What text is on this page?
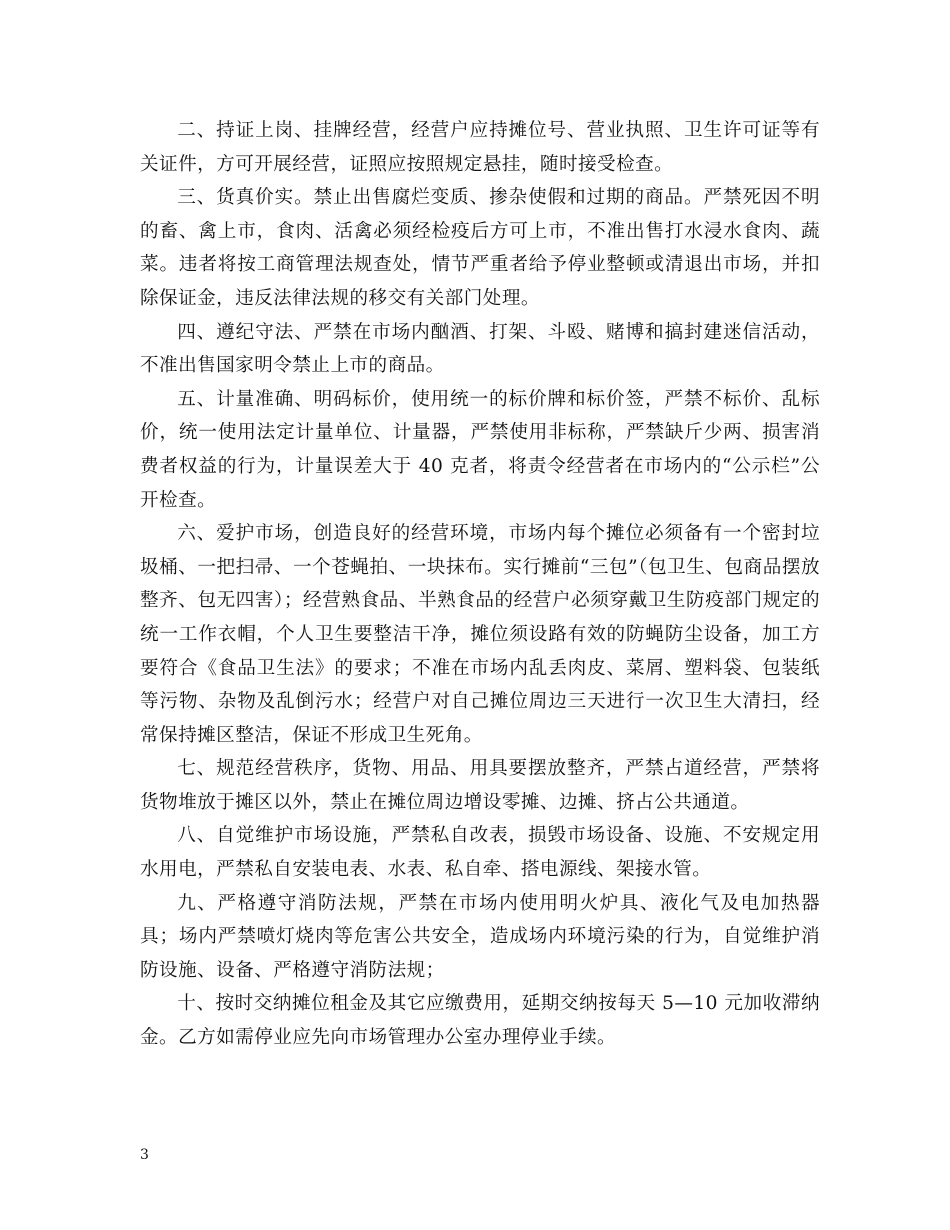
二、持证上岗、挂牌经营，经营户应持摊位号、营业执照、卫生许可证等有关证件，方可开展经营，证照应按照规定悬挂，随时接受检查。

三、货真价实。禁止出售腐烂变质、掺杂使假和过期的商品。严禁死因不明的畜、禽上市，食肉、活禽必须经检疫后方可上市，不准出售打水浸水食肉、蔬菜。违者将按工商管理法规查处，情节严重者给予停业整顿或清退出市场，并扣除保证金，违反法律法规的移交有关部门处理。

四、遵纪守法、严禁在市场内酗酒、打架、斗殴、赌博和搞封建迷信活动，不准出售国家明令禁止上市的商品。

五、计量准确、明码标价，使用统一的标价牌和标价签，严禁不标价、乱标价，统一使用法定计量单位、计量器，严禁使用非标称，严禁缺斤少两、损害消费者权益的行为，计量误差大于 40 克者，将责令经营者在市场内的“公示栏”公开检查。

六、爱护市场，创造良好的经营环境，市场内每个摊位必须备有一个密封垃圾桶、一把扫帚、一个苍蝇拍、一块抹布。实行摊前“三包”（包卫生、包商品摆放整齐、包无四害）；经营熟食品、半熟食品的经营户必须穿戴卫生防疫部门规定的统一工作衣帽，个人卫生要整洁干净，摊位须设路有效的防蝇防尘设备，加工方要符合《食品卫生法》的要求；不准在市场内乱丢肉皮、菜屑、塑料袋、包装纸等污物、杂物及乱倒污水；经营户对自己摊位周边三天进行一次卫生大清扫，经常保持摊区整洁，保证不形成卫生死角。

七、规范经营秩序，货物、用品、用具要摆放整齐，严禁占道经营，严禁将货物堆放于摊区以外，禁止在摊位周边增设零摊、边摊、挤占公共通道。

八、自觉维护市场设施，严禁私自改表，损毁市场设备、设施、不安规定用水用电，严禁私自安装电表、水表、私自牵、搭电源线、架接水管。

九、严格遵守消防法规，严禁在市场内使用明火炉具、液化气及电加热器具；场内严禁喷灯烧肉等危害公共安全，造成场内环境污染的行为，自觉维护消防设施、设备、严格遵守消防法规；

十、按时交纳摊位租金及其它应缴费用，延期交纳按每天 5—10 元加收滞纳金。乙方如需停业应先向市场管理办公室办理停业手续。

3
